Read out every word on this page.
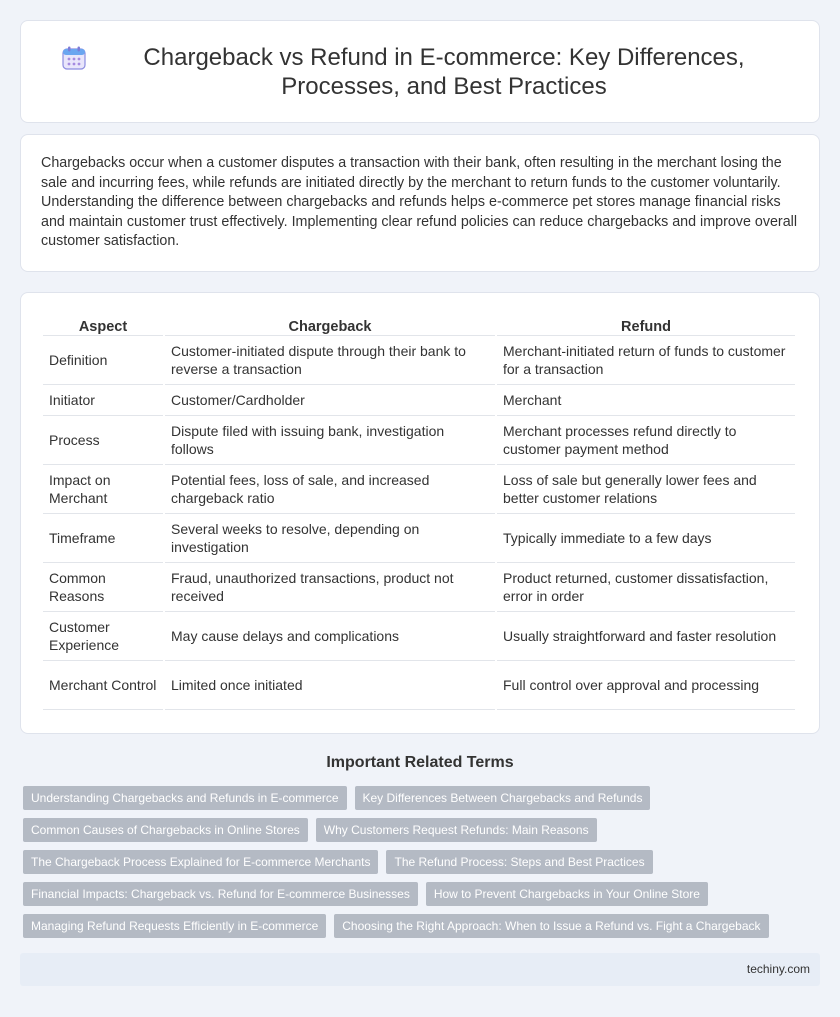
Chargeback vs Refund in E-commerce: Key Differences, Processes, and Best Practices

Chargebacks occur when a customer disputes a transaction with their bank, often resulting in the merchant losing the sale and incurring fees, while refunds are initiated directly by the merchant to return funds to the customer voluntarily. Understanding the difference between chargebacks and refunds helps e-commerce pet stores manage financial risks and maintain customer trust effectively. Implementing clear refund policies can reduce chargebacks and improve overall customer satisfaction.

Aspect	Chargeback	Refund
Definition	Customer-initiated dispute through their bank to reverse a transaction	Merchant-initiated return of funds to customer for a transaction
Initiator	Customer/Cardholder	Merchant
Process	Dispute filed with issuing bank, investigation follows	Merchant processes refund directly to customer payment method
Impact on Merchant	Potential fees, loss of sale, and increased chargeback ratio	Loss of sale but generally lower fees and better customer relations
Timeframe	Several weeks to resolve, depending on investigation	Typically immediate to a few days
Common Reasons	Fraud, unauthorized transactions, product not received	Product returned, customer dissatisfaction, error in order
Customer Experience	May cause delays and complications	Usually straightforward and faster resolution
Merchant Control	Limited once initiated	Full control over approval and processing
Important Related Terms
Understanding Chargebacks and Refunds in E-commerce	Key Differences Between Chargebacks and Refunds
Common Causes of Chargebacks in Online Stores	Why Customers Request Refunds: Main Reasons
The Chargeback Process Explained for E-commerce Merchants	The Refund Process: Steps and Best Practices
Financial Impacts: Chargeback vs. Refund for E-commerce Businesses	How to Prevent Chargebacks in Your Online Store
Managing Refund Requests Efficiently in E-commerce	Choosing the Right Approach: When to Issue a Refund vs. Fight a Chargeback
techiny.com
